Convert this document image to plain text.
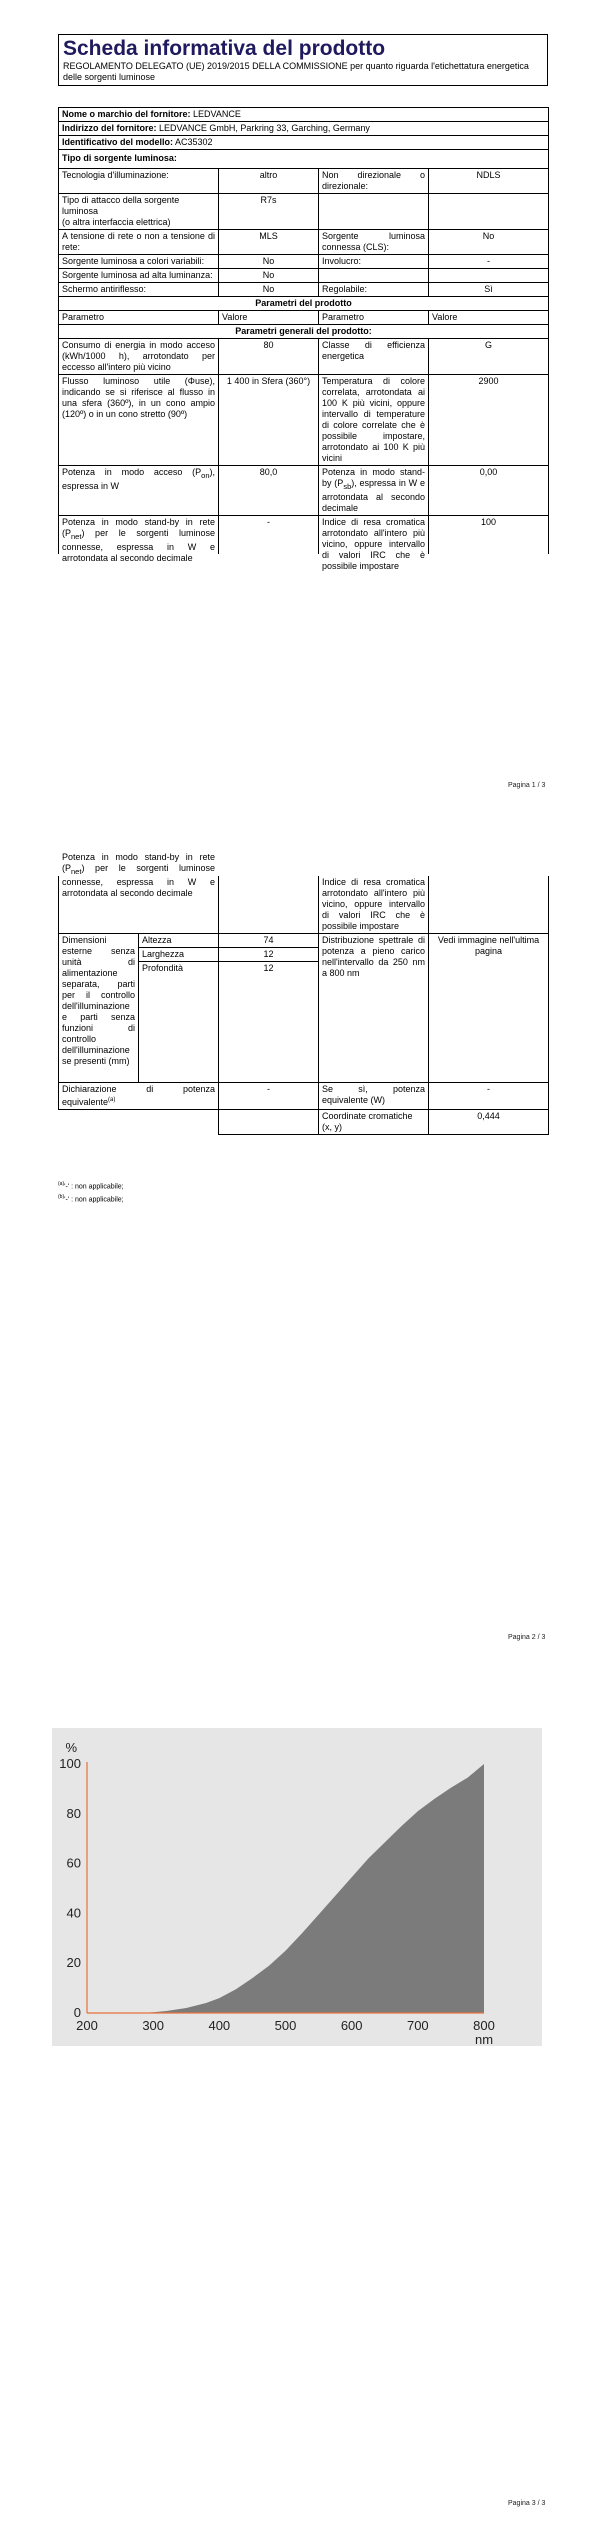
Scheda informativa del prodotto
REGOLAMENTO DELEGATO (UE) 2019/2015 DELLA COMMISSIONE per quanto riguarda l'etichettatura energetica delle sorgenti luminose
Nome o marchio del fornitore: LEDVANCE			
Indirizzo del fornitore: LEDVANCE GmbH, Parkring 33, Garching, Germany			
Identificativo del modello: AC35302			
Tipo di sorgente luminosa:			
Tecnologia d'illuminazione:	altro	Non direzionale o direzionale:	NDLS

Tipo di attacco della sorgente luminosa
(o altra interfaccia elettrica)	R7s		
A tensione di rete o non a tensione di rete:	MLS	Sorgente luminosa connessa (CLS):	No
Sorgente luminosa a colori variabili:	No	Involucro:	-
Sorgente luminosa ad alta luminanza:	No		
Schermo antiriflesso:	No	Regolabile:	Sì
Parametri del prodotto			
Parametro	Valore	Parametro	Valore
Parametri generali del prodotto:			
Consumo di energia in modo acceso (kWh/1000 h), arrotondato per eccesso all'intero più vicino	80	Classe di efficienza energetica	G
Flusso luminoso utile (Φuse), indicando se si riferisce al flusso in una sfera (360º), in un cono ampio (120º) o in un cono stretto (90º)	1 400 in Sfera (360°)	Temperatura di colore correlata, arrotondata ai 100 K più vicini, oppure intervallo di temperature di colore correlate che è possibile impostare, arrotondato ai 100 K più vicini	2900
Potenza in modo acceso $(P_{on})$, espressa in W	80,0	Potenza in modo stand-by $(P_{sb})$, espressa in W e arrotondata al secondo decimale	0,00

Potenza in modo stand-by in rete $(P_{net})$ per le sorgenti luminose connesse, espressa in W e arrotondata al secondo decimale	-	Indice di resa cromatica arrotondato all'intero più vicino, oppure intervallo di valori IRC che è possibile impostare	100
Pagina 1 / 3
Potenza in modo stand-by in rete $(P_{net})$ per le sorgenti luminose connesse, espressa in W e arrotondata al secondo decimale			Indice di resa cromatica arrotondato all'intero più vicino, oppure intervallo di valori IRC che è possibile impostare	

Dimensioni esterne senza unità di alimentazione separata, parti per il controllo dell'illuminazione e parti senza funzioni di controllo dell'illuminazione se presenti (mm)	Altezza	74	Distribuzione spettrale di potenza a pieno carico nell'intervallo da 250 nm a 800 nm	Vedi immagine nell'ultima pagina
	Larghezza	12		
	Profondità	12		
Dichiarazione di potenza equivalente$^{(a)}$		-	Se sì, potenza equivalente (W)	-
			Coordinate cromatiche (x, y)	0,444
$^{(a)}$'-' : non applicabile;
$^{(b)}$'-' : non applicabile;
Pagina 2 / 3
0
20
40
60
80
100
200	300	400	500	600	700	800
%
nm
Pagina 3 / 3
